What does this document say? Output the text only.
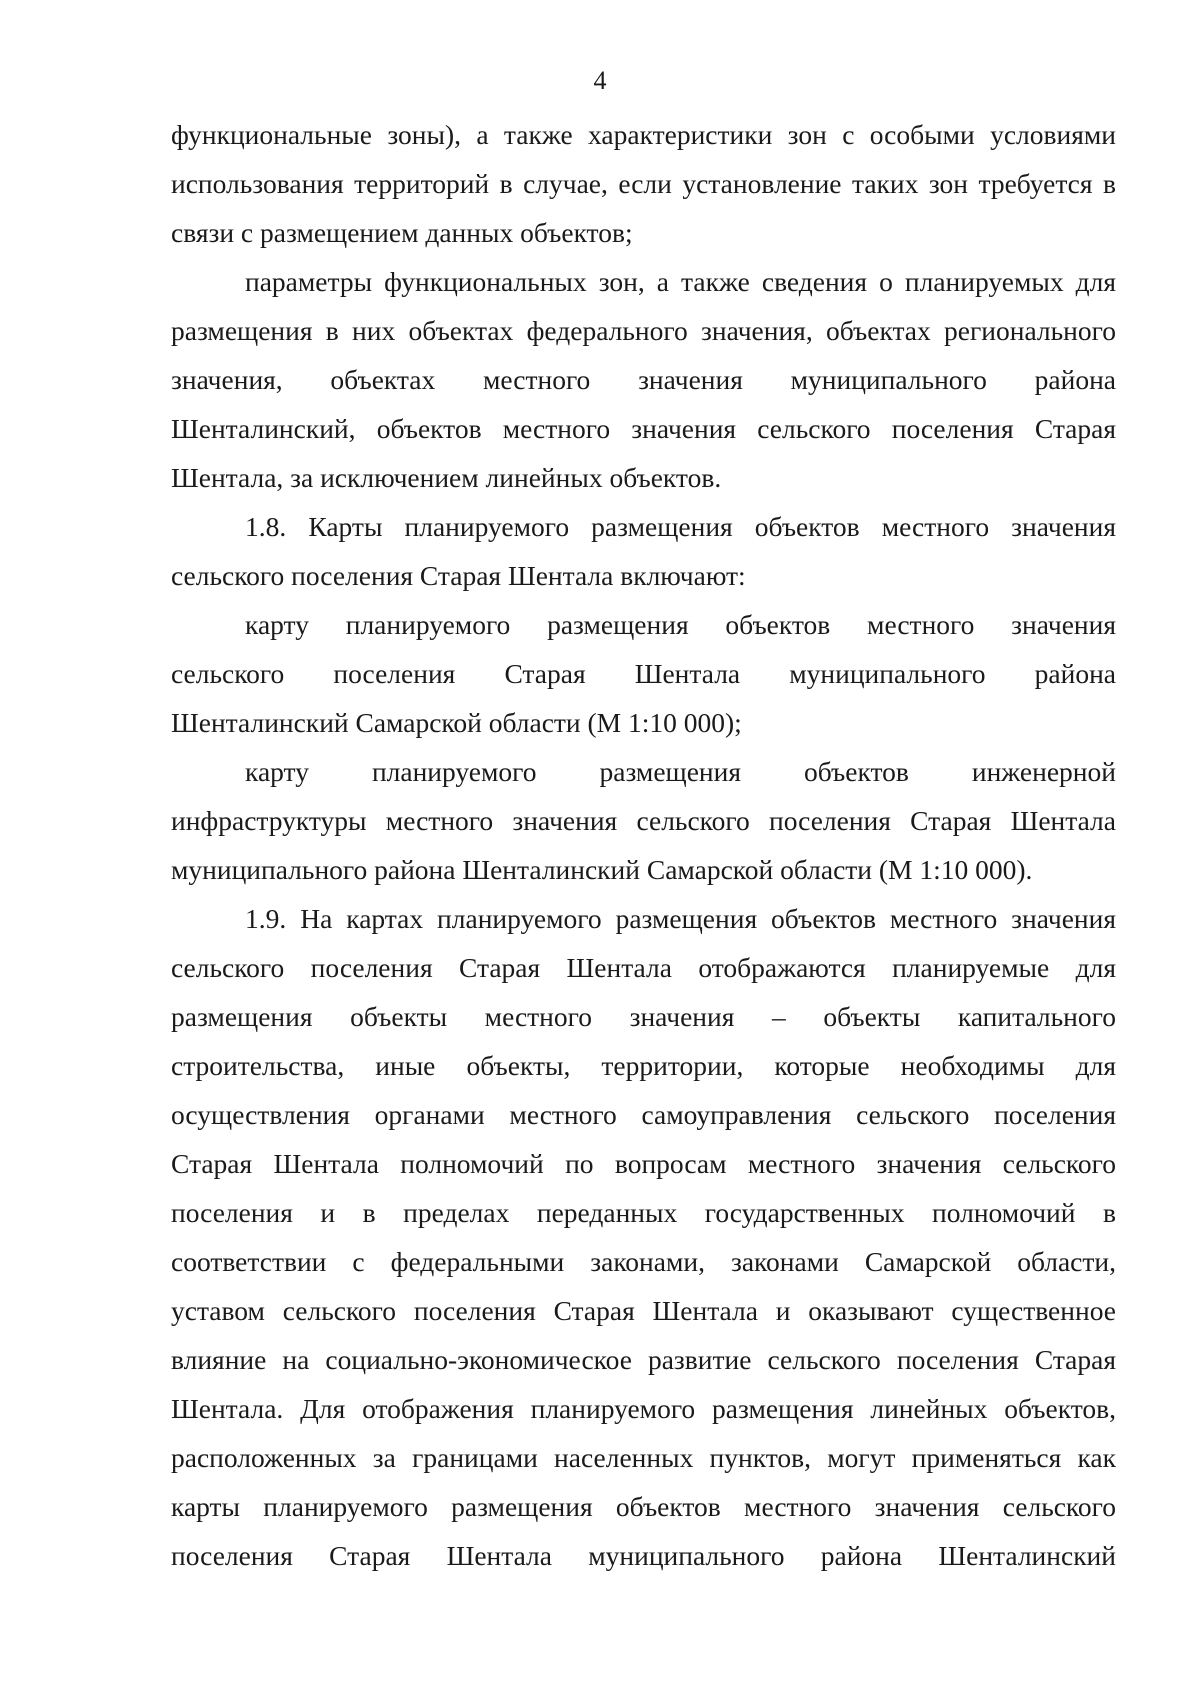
4
функциональные зоны), а также характеристики зон с особыми условиями
использования территорий в случае, если установление таких зон требуется в
связи с размещением данных объектов;
параметры функциональных зон, а также сведения о планируемых для
размещения в них объектах федерального значения, объектах регионального
значения, объектах местного значения муниципального района
Шенталинский, объектов местного значения сельского поселения Старая
Шентала, за исключением линейных объектов.
1.8. Карты планируемого размещения объектов местного значения
сельского поселения Старая Шентала включают:
карту планируемого размещения объектов местного значения
сельского поселения Старая Шентала муниципального района
Шенталинский Самарской области (М 1:10 000);
карту планируемого размещения объектов инженерной
инфраструктуры местного значения сельского поселения Старая Шентала
муниципального района Шенталинский Самарской области (М 1:10 000).
1.9. На картах планируемого размещения объектов местного значения
сельского поселения Старая Шентала отображаются планируемые для
размещения объекты местного значения – объекты капитального
строительства, иные объекты, территории, которые необходимы для
осуществления органами местного самоуправления сельского поселения
Старая Шентала полномочий по вопросам местного значения сельского
поселения и в пределах переданных государственных полномочий в
соответствии с федеральными законами, законами Самарской области,
уставом сельского поселения Старая Шентала и оказывают существенное
влияние на социально-экономическое развитие сельского поселения Старая
Шентала. Для отображения планируемого размещения линейных объектов,
расположенных за границами населенных пунктов, могут применяться как
карты планируемого размещения объектов местного значения сельского
поселения Старая Шентала муниципального района Шенталинский
